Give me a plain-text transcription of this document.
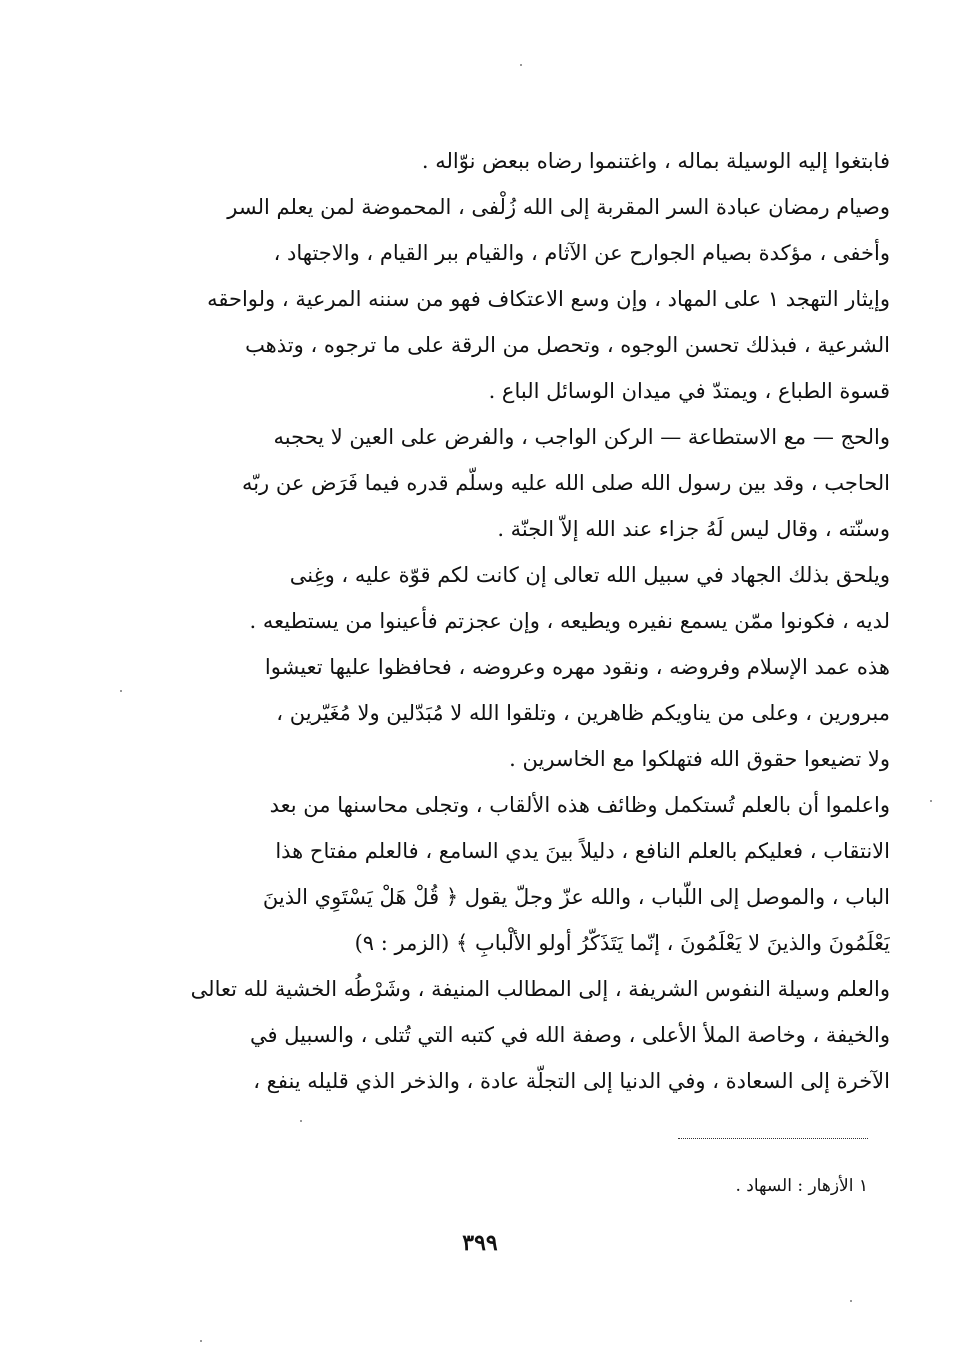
فابتغوا إليه الوسيلة بماله ، واغتنموا رضاه ببعض نوّاله .
وصيام رمضان عبادة السر المقربة إلى الله زُلْفى ، المحموضة لمن يعلم السر
وأخفى ، مؤكدة بصيام الجوارح عن الآثام ، والقيام ببر القيام ، والاجتهاد ،
وإيثار التهجد ١ على المهاد ، وإن وسع الاعتكاف فهو من سننه المرعية ، ولواحقه
الشرعية ، فبذلك تحسن الوجوه ، وتحصل من الرقة على ما ترجوه ، وتذهب
قسوة الطباع ، ويمتدّ في ميدان الوسائل الباع .
والحج — مع الاستطاعة — الركن الواجب ، والفرض على العين لا يحجبه
الحاجب ، وقد بين رسول الله صلى الله عليه وسلّم قدره فيما فَرَض عن ربّه
وسنّته ، وقال ليس لَهُ جزاء عند الله إلاّ الجنّة .
ويلحق بذلك الجهاد في سبيل الله تعالى إن كانت لكم قوّة عليه ، وغِنى
لديه ، فكونوا ممّن يسمع نفيره ويطيعه ، وإن عجزتم فأعينوا من يستطيعه .
هذه عمد الإسلام وفروضه ، ونقود مهره وعروضه ، فحافظوا عليها تعيشوا
مبرورين ، وعلى من يناويكم ظاهرين ، وتلقوا الله لا مُبَدّلين ولا مُغَيّرين ،
ولا تضيعوا حقوق الله فتهلكوا مع الخاسرين .
واعلموا أن بالعلم تُستكمل وظائف هذه الألقاب ، وتجلى محاسنها من بعد
الانتقاب ، فعليكم بالعلم النافع ، دليلاً بينَ يدي السامع ، فالعلم مفتاح هذا
الباب ، والموصل إلى اللّباب ، والله عزّ وجلّ يقول ﴿ قُلْ هَلْ يَسْتَوِي الذينَ
يَعْلَمُونَ والذينَ لا يَعْلَمُونَ ، إنّما يَتَذَكّرُ أولو الألْبابِ ﴾ (الزمر : ٩)
والعلم وسيلة النفوس الشريفة ، إلى المطالب المنيفة ، وشَرْطُه الخشية لله تعالى
والخيفة ، وخاصة الملأ الأعلى ، وصفة الله في كتبه التي تُتلى ، والسبيل في
الآخرة إلى السعادة ، وفي الدنيا إلى التجلّة عادة ، والذخر الذي قليله ينفع ،
١ الأزهار : السهاد .
٣٩٩
